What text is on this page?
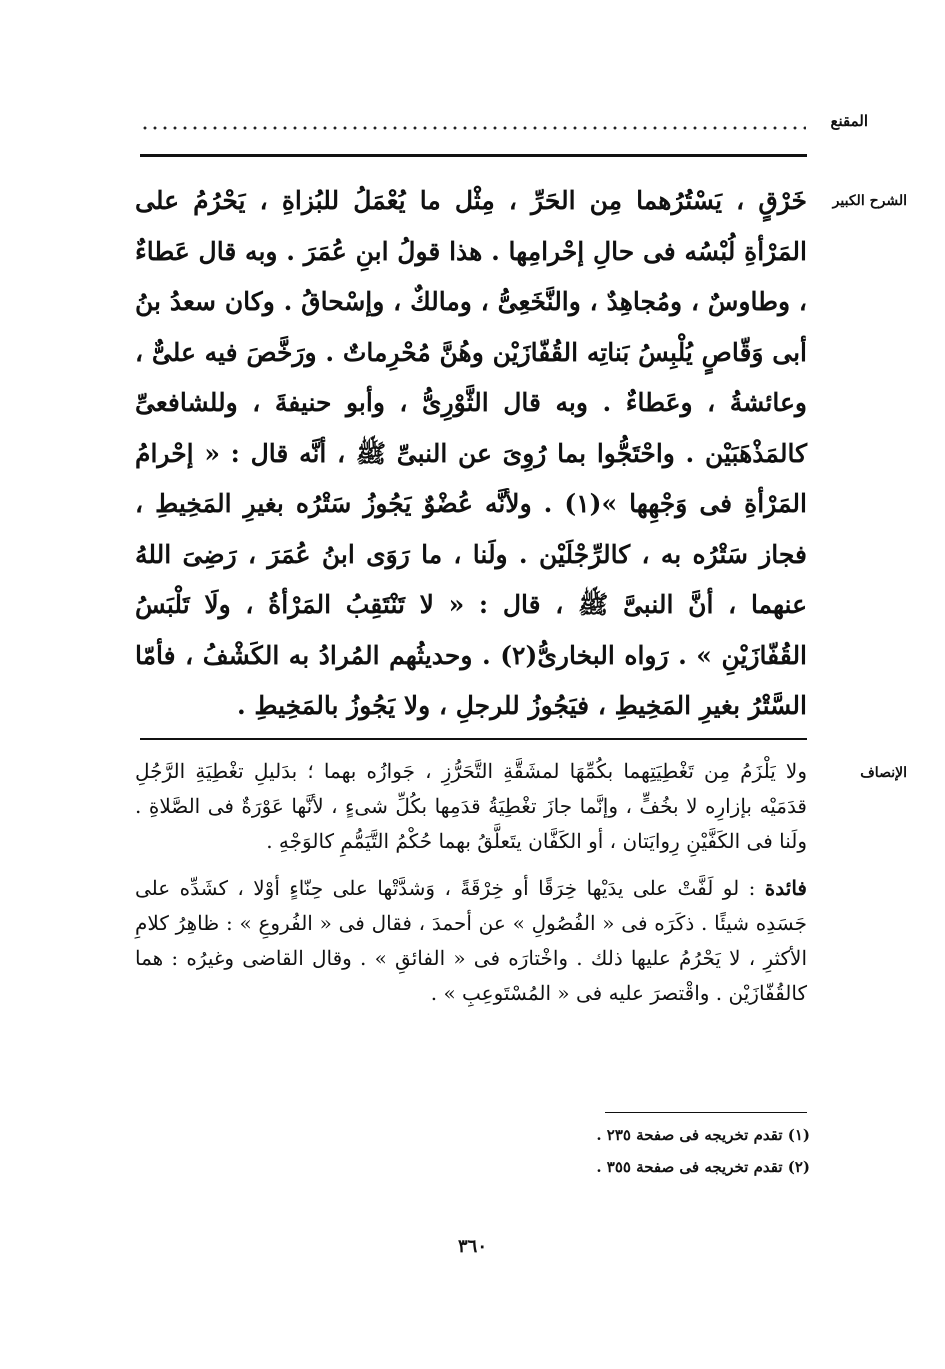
المقنع
الشرح الكبير
خَرْقٍ ، يَسْتُرُهما مِن الحَرِّ ، مِثْل ما يُعْمَلُ للبُزاةِ ، يَحْرُمُ على المَرْأةِ لُبْسُه فى حالِ إحْرامِها . هذا قولُ ابنِ عُمَرَ . وبه قال عَطاءٌ ، وطاوسٌ ، ومُجاهِدٌ ، والنَّخَعِىُّ ، ومالكٌ ، وإسْحاقُ . وكان سعدُ بنُ أبى وَقّاصٍ يُلْبِسُ بَناتِه القُفّازَيْن وهُنَّ مُحْرِماتٌ . ورَخَّصَ فيه علىٌّ ، وعائشةُ ، وعَطاءٌ . وبه قال الثَّوْرِىُّ ، وأبو حنيفةَ ، وللشافعىِّ كالمَذْهَبَيْن . واحْتَجُّوا بما رُوِىَ عن النبىِّ ﷺ ، أنَّه قال : « إحْرامُ المَرْأةِ فى وَجْهِها »(١) . ولأنَّه عُضْوٌ يَجُوزُ سَتْرُه بغيرِ المَخِيطِ ، فجاز سَتْرُه به ، كالرِّجْلَيْن . ولَنا ، ما رَوَى ابنُ عُمَرَ ، رَضِىَ اللهُ عنهما ، أنَّ النبىَّ ﷺ ، قال : « لا تَنْتَقِبُ المَرْأةُ ، ولَا تَلْبَسُ القُفّازَيْنِ » . رَواه البخارىُّ(٢) . وحديثُهم المُرادُ به الكَشْفُ ، فأمّا السَّتْرُ بغيرِ المَخِيطِ ، فيَجُوزُ للرجلِ ، ولا يَجُوزُ بالمَخِيطِ .
الإنصاف

ولا يَلْزَمُ مِن تَغْطِيَتِهما بكُمِّهَا لمشَقَّةِ التَّحَرُّزِ ، جَوازُه بهما ؛ بدَليلِ تغْطِيَةِ الرَّجُلِ قدَمَيْه بإزارِه لا بخُفٍّ ، وإنَّما جازَ تغْطِيَةُ قدَمِها بكُلِّ شىءٍ ، لأنَّها عَوْرَةٌ فى الصَّلاةِ . ولَنا فى الكَفَّيْنِ رِوايَتان ، أو الكَفَّان يتَعلَّقُ بهما حُكْمُ التَّيَمُّمِ كالوَجْهِ .

فائدة : لو لَفَّتْ على يدَيْها خِرَقًا أو خِرْقَةً ، وَشدَّتْها على حِنّاءٍ أوْلا ، كشَدِّه على جَسَدِه شيئًا . ذكَرَه فى « الفُصُولِ » عن أحمدَ ، فقال فى « الفُروعِ » : ظاهِرُ كلامِ الأكثرِ ، لا يَحْرُمُ عليها ذلك . واخْتارَه فى « الفائقِ » . وقال القاضى وغيرُه : هما كالقُفّازَيْن . واقْتصرَ عليه فى « المُسْتَوعِبِ » .

(١) تقدم تخريجه فى صفحة ٢٣٥ .
(٢) تقدم تخريجه فى صفحة ٣٥٥ .
٣٦٠
